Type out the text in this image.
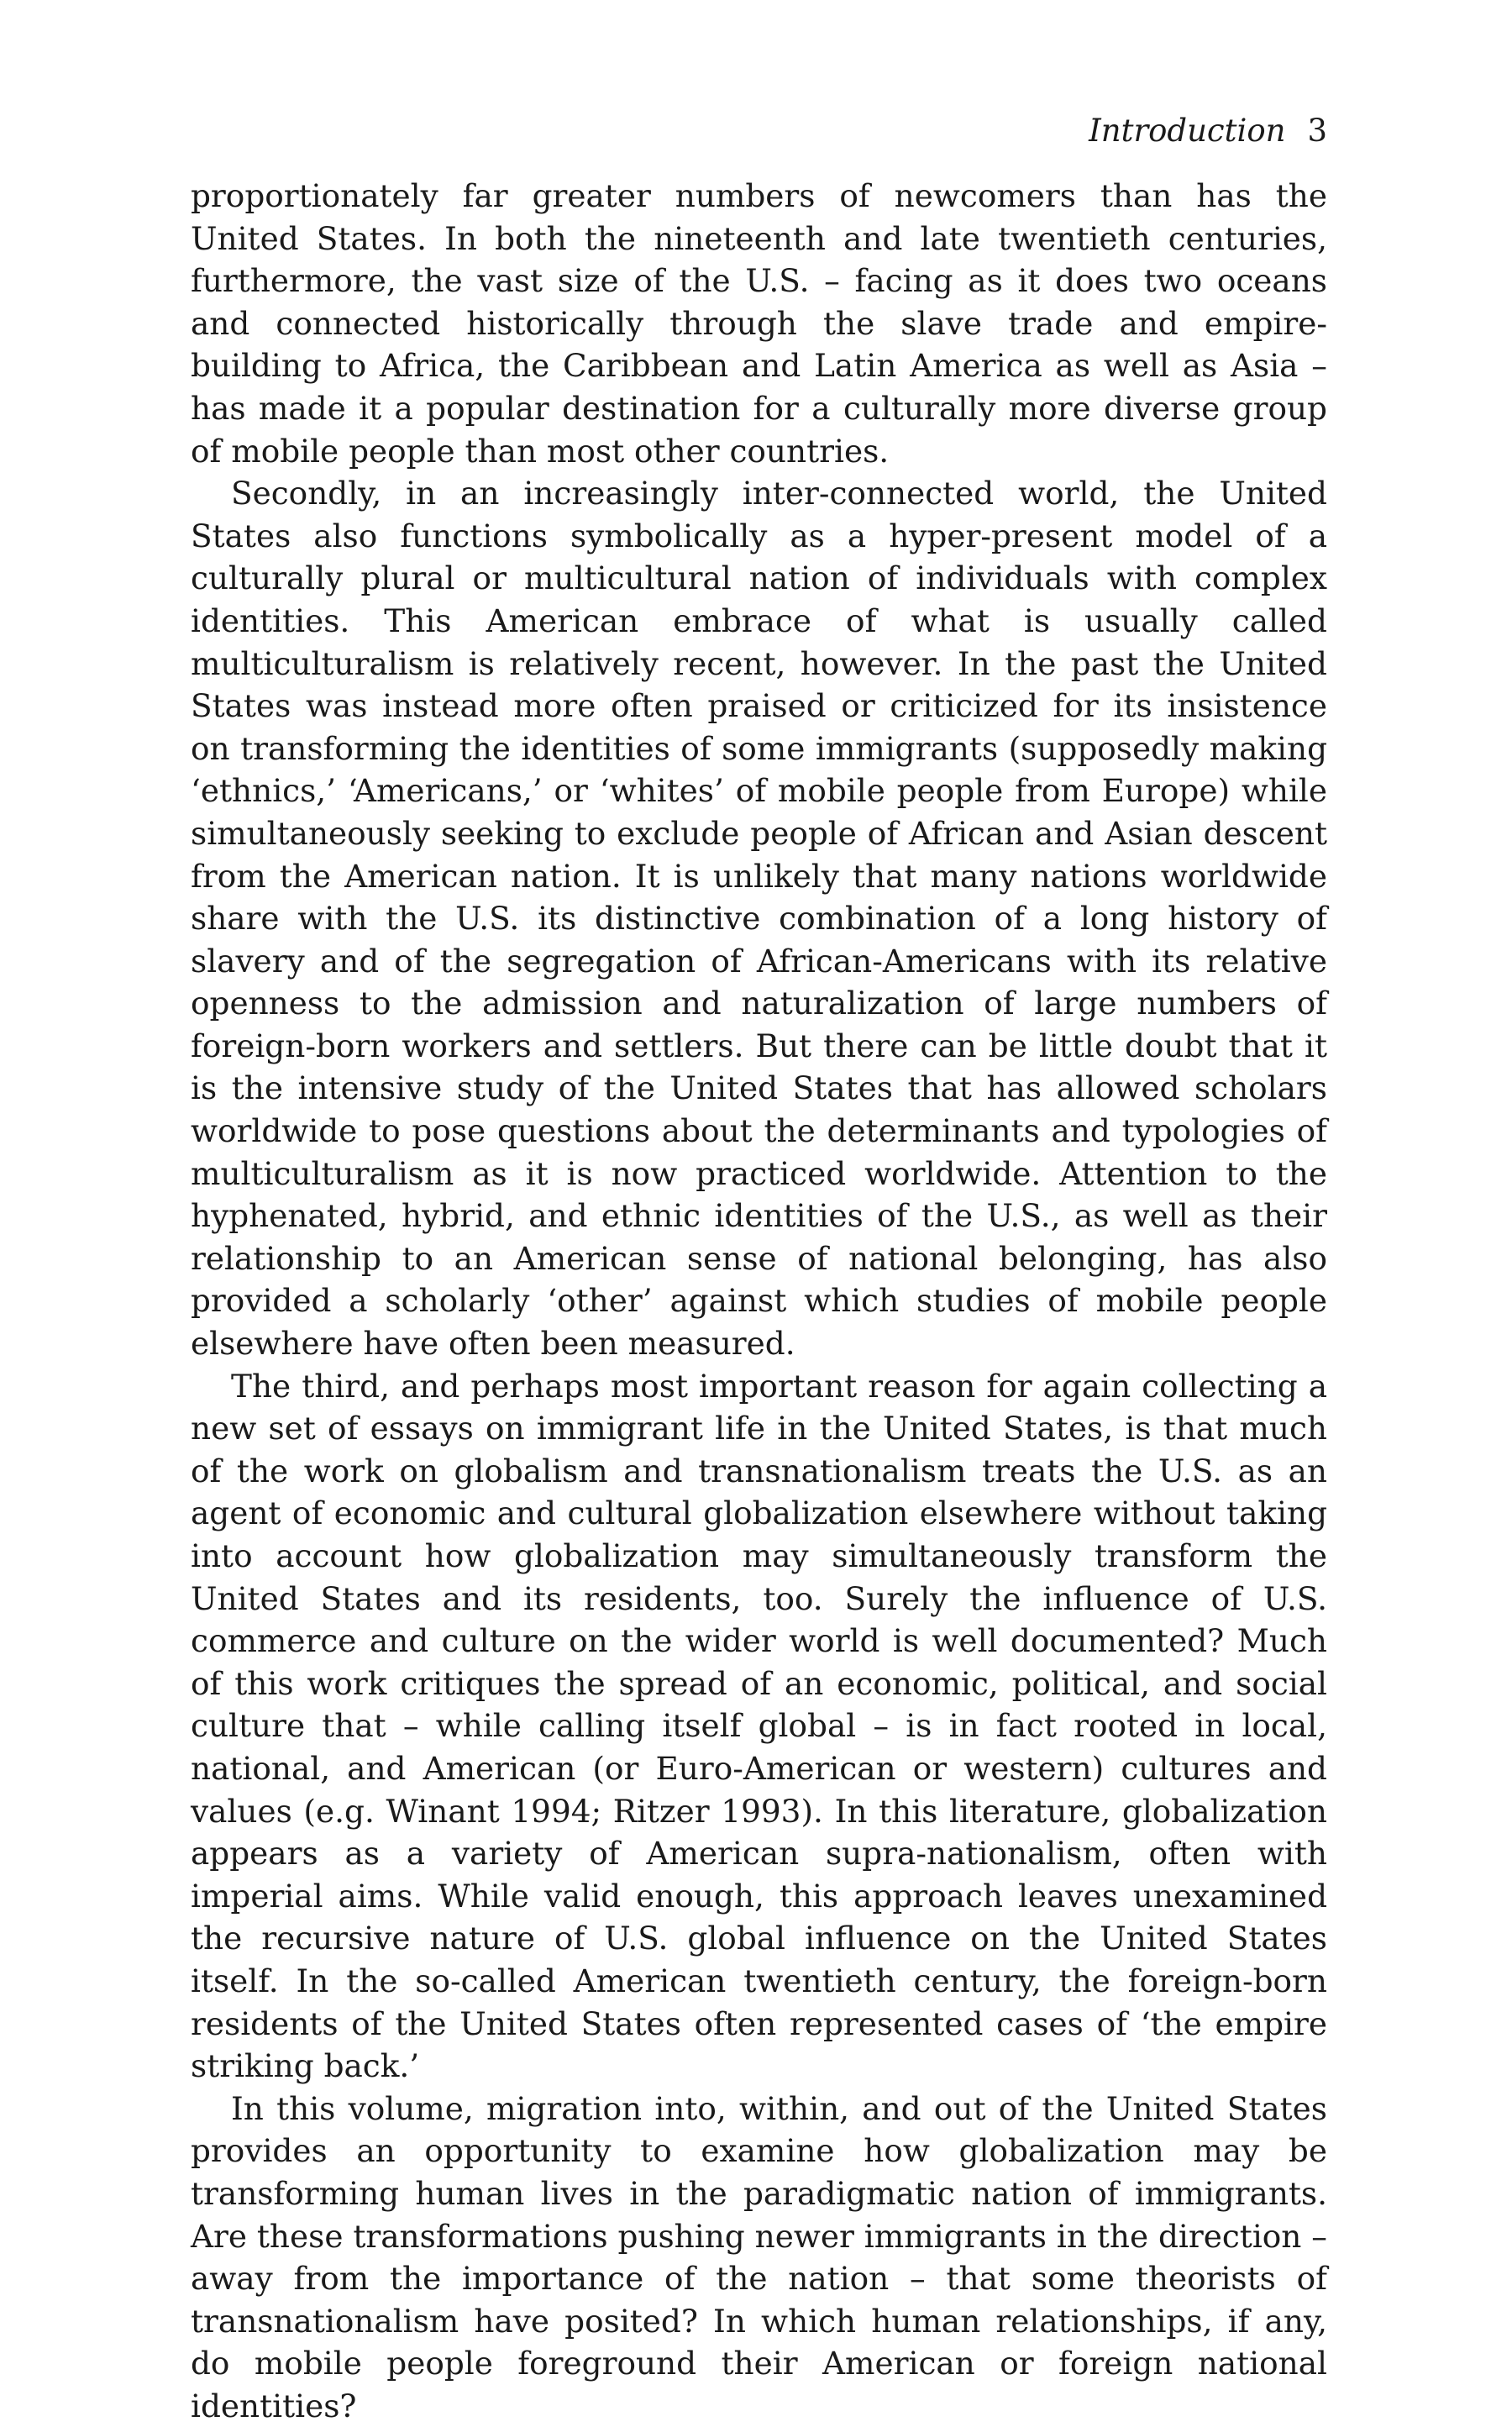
Introduction 3

proportionately far greater numbers of newcomers than has the United States. In both the nineteenth and late twentieth centuries, furthermore, the vast size of the U.S. – facing as it does two oceans and connected historically through the slave trade and empire-building to Africa, the Caribbean and Latin America as well as Asia – has made it a popular destination for a culturally more diverse group of mobile people than most other countries.

Secondly, in an increasingly inter-connected world, the United States also functions symbolically as a hyper-present model of a culturally plural or multicultural nation of individuals with complex identities. This American embrace of what is usually called multiculturalism is relatively recent, however. In the past the United States was instead more often praised or criticized for its insistence on transforming the identities of some immigrants (supposedly making ‘ethnics,’ ‘Americans,’ or ‘whites’ of mobile people from Europe) while simultaneously seeking to exclude people of African and Asian descent from the American nation. It is unlikely that many nations worldwide share with the U.S. its distinctive combination of a long history of slavery and of the segregation of African-Americans with its relative openness to the admission and naturalization of large numbers of foreign-born workers and settlers. But there can be little doubt that it is the intensive study of the United States that has allowed scholars worldwide to pose questions about the determinants and typologies of multiculturalism as it is now practiced worldwide. Attention to the hyphenated, hybrid, and ethnic identities of the U.S., as well as their relationship to an American sense of national belonging, has also provided a scholarly ‘other’ against which studies of mobile people elsewhere have often been measured.

The third, and perhaps most important reason for again collecting a new set of essays on immigrant life in the United States, is that much of the work on globalism and transnationalism treats the U.S. as an agent of economic and cultural globalization elsewhere without taking into account how globalization may simultaneously transform the United States and its residents, too. Surely the influence of U.S. commerce and culture on the wider world is well documented? Much of this work critiques the spread of an economic, political, and social culture that – while calling itself global – is in fact rooted in local, national, and American (or Euro-American or western) cultures and values (e.g. Winant 1994; Ritzer 1993). In this literature, globalization appears as a variety of American supra-nationalism, often with imperial aims. While valid enough, this approach leaves unexamined the recursive nature of U.S. global influence on the United States itself. In the so-called American twentieth century, the foreign-born residents of the United States often represented cases of ‘the empire striking back.’

In this volume, migration into, within, and out of the United States provides an opportunity to examine how globalization may be transforming human lives in the paradigmatic nation of immigrants. Are these transformations pushing newer immigrants in the direction – away from the importance of the nation – that some theorists of transnationalism have posited? In which human relationships, if any, do mobile people foreground their American or foreign national identities?
